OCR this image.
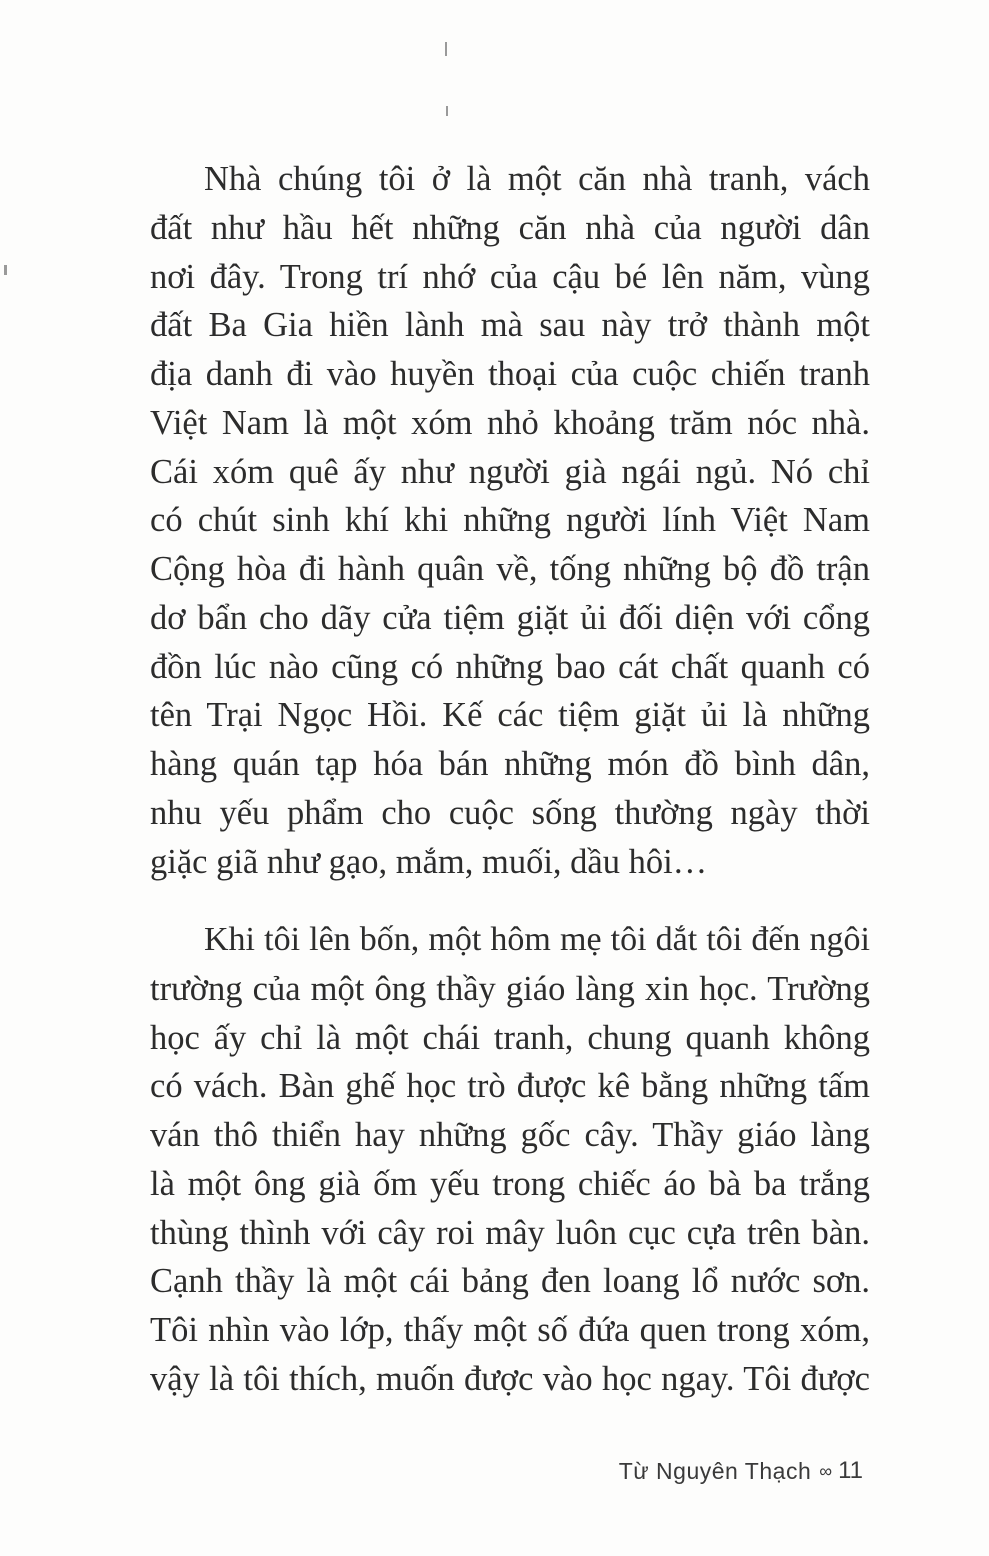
Nhà chúng tôi ở là một căn nhà tranh, vách
đất như hầu hết những căn nhà của người dân
nơi đây. Trong trí nhớ của cậu bé lên năm, vùng
đất Ba Gia hiền lành mà sau này trở thành một
địa danh đi vào huyền thoại của cuộc chiến tranh
Việt Nam là một xóm nhỏ khoảng trăm nóc nhà.
Cái xóm quê ấy như người già ngái ngủ. Nó chỉ
có chút sinh khí khi những người lính Việt Nam
Cộng hòa đi hành quân về, tống những bộ đồ trận
dơ bẩn cho dãy cửa tiệm giặt ủi đối diện với cổng
đồn lúc nào cũng có những bao cát chất quanh có
tên Trại Ngọc Hồi. Kế các tiệm giặt ủi là những
hàng quán tạp hóa bán những món đồ bình dân,
nhu yếu phẩm cho cuộc sống thường ngày thời
giặc giã như gạo, mắm, muối, dầu hôi…
Khi tôi lên bốn, một hôm mẹ tôi dắt tôi đến ngôi
trường của một ông thầy giáo làng xin học. Trường
học ấy chỉ là một chái tranh, chung quanh không
có vách. Bàn ghế học trò được kê bằng những tấm
ván thô thiển hay những gốc cây. Thầy giáo làng
là một ông già ốm yếu trong chiếc áo bà ba trắng
thùng thình với cây roi mây luôn cục cựa trên bàn.
Cạnh thầy là một cái bảng đen loang lổ nước sơn.
Tôi nhìn vào lớp, thấy một số đứa quen trong xóm,
vậy là tôi thích, muốn được vào học ngay. Tôi được
Từ Nguyên Thạch ∞ 11
